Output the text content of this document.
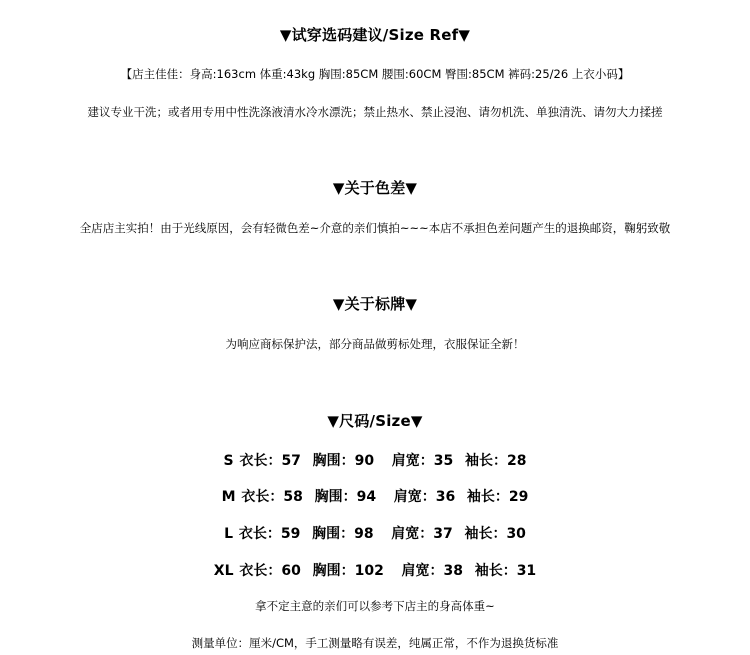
▼试穿选码建议/Size Ref▼
【店主佳佳：身高:163cm 体重:43kg 胸围:85CM 腰围:60CM 臀围:85CM 裤码:25/26 上衣小码】
建议专业干洗；或者用专用中性洗涤液清水冷水漂洗；禁止热水、禁止浸泡、请勿机洗、单独清洗、请勿大力揉搓
▼关于色差▼
全店店主实拍！由于光线原因，会有轻微色差~介意的亲们慎拍~~~本店不承担色差问题产生的退换邮资，鞠躬致敬
▼关于标牌▼
为响应商标保护法，部分商品做剪标处理，衣服保证全新！
▼尺码/Size▼
S 衣长：57  胸围：90   肩宽：35  袖长：28
M 衣长：58  胸围：94   肩宽：36  袖长：29
L 衣长：59  胸围：98   肩宽：37  袖长：30
XL 衣长：60  胸围：102   肩宽：38  袖长：31
拿不定主意的亲们可以参考下店主的身高体重~
测量单位：厘米/CM，手工测量略有误差，纯属正常，不作为退换货标准
